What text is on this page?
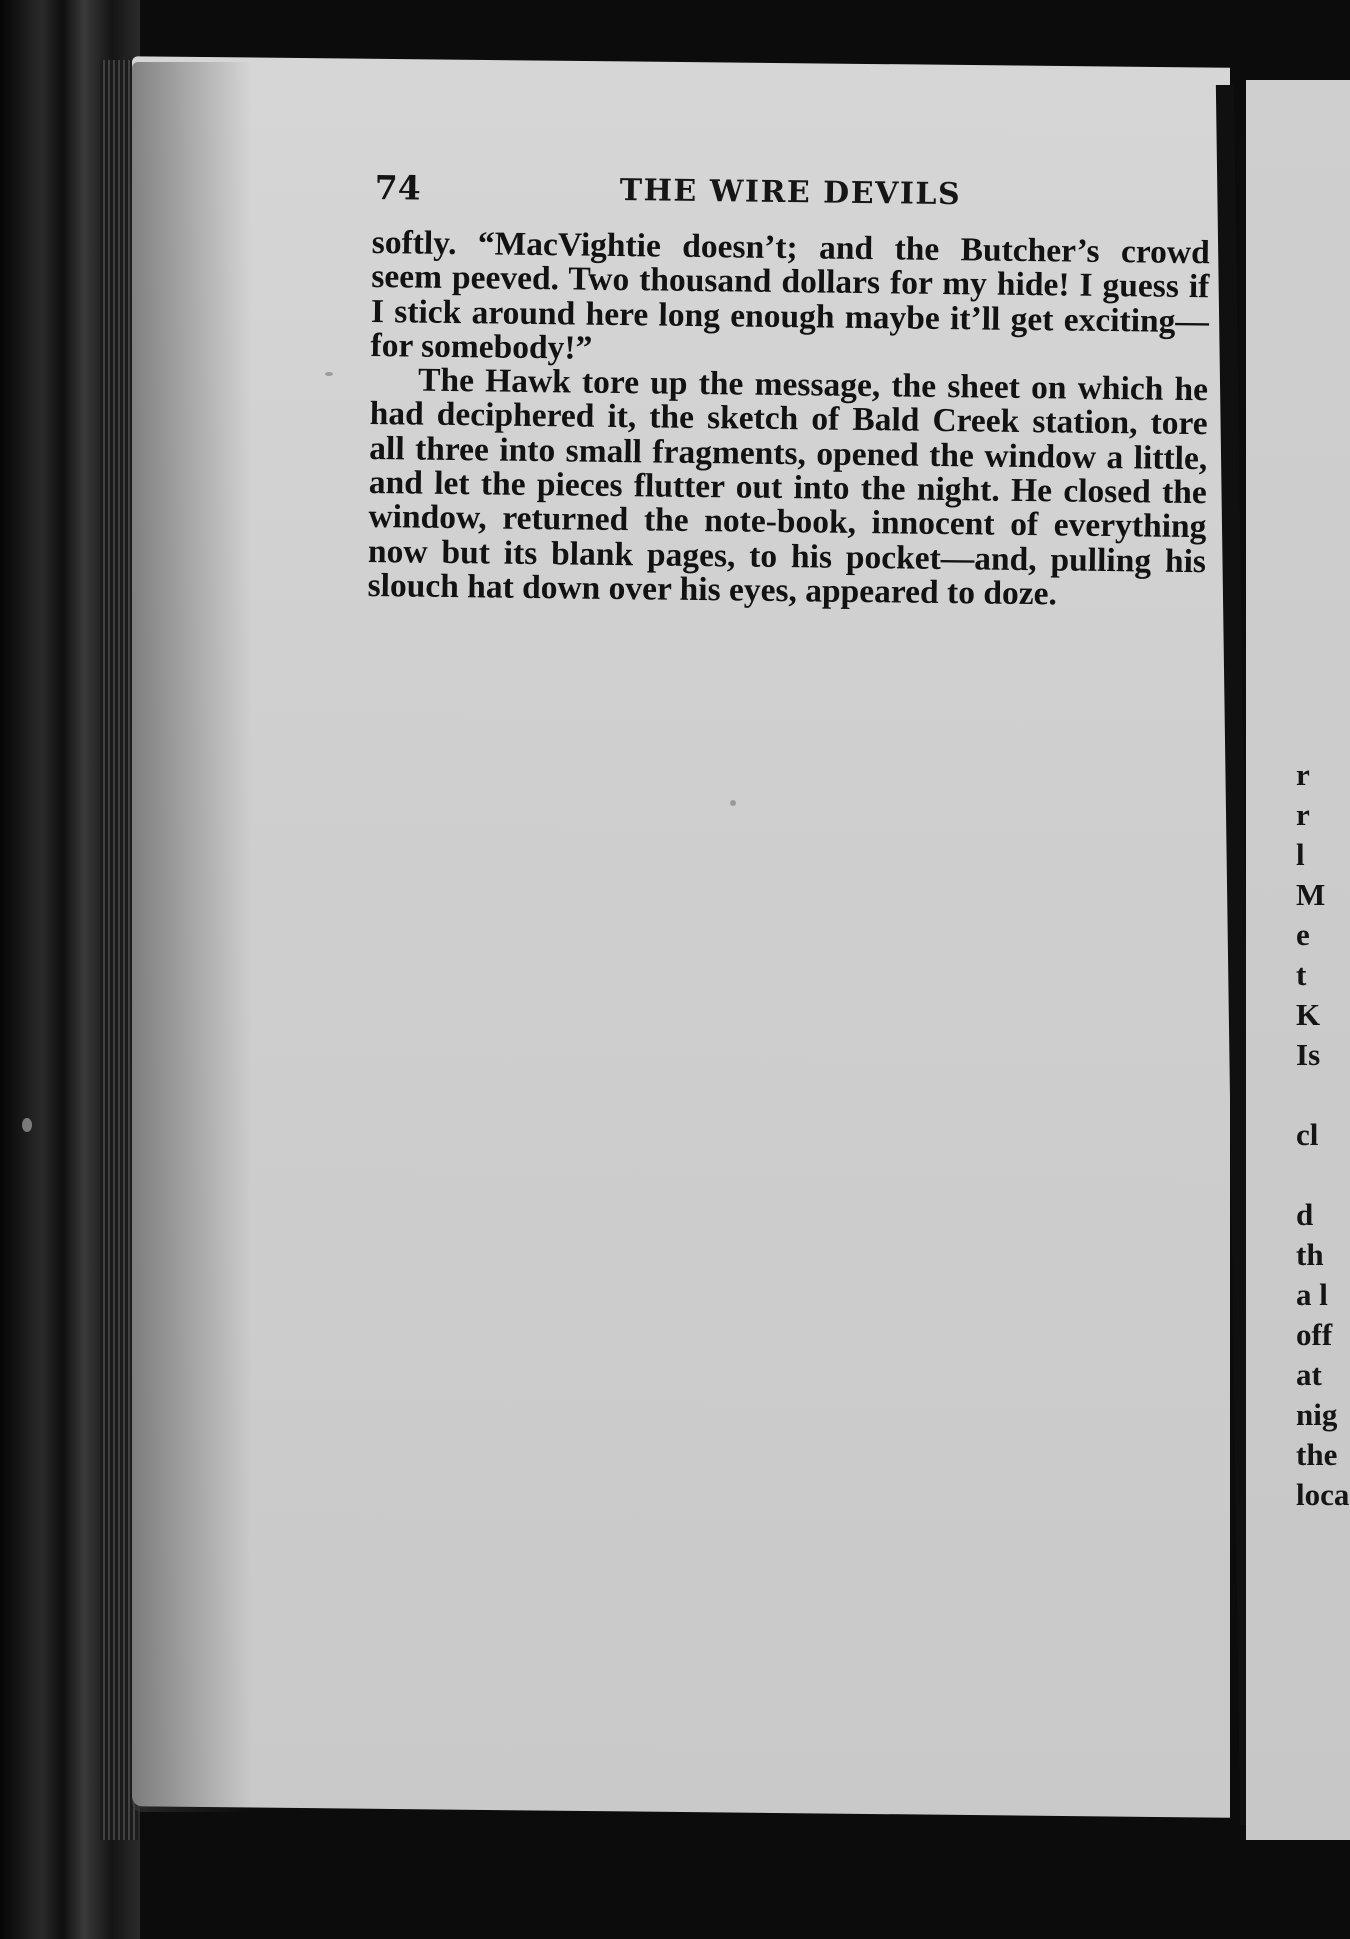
74	THE WIRE DEVILS

softly. “MacVightie doesn’t; and the Butcher’s crowd seem peeved. Two thousand dollars for my hide! I guess if I stick around here long enough maybe it’ll get exciting—for somebody!”

The Hawk tore up the message, the sheet on which he had deciphered it, the sketch of Bald Creek station, tore all three into small fragments, opened the window a little, and let the pieces flutter out into the night. He closed the window, returned the note-book, innocent of everything now but its blank pages, to his pocket—and, pulling his slouch hat down over his eyes, appeared to doze.

r
r
l
M
e
t
K
Is
cl
d
th
a l
off
at
nig
the
loca
